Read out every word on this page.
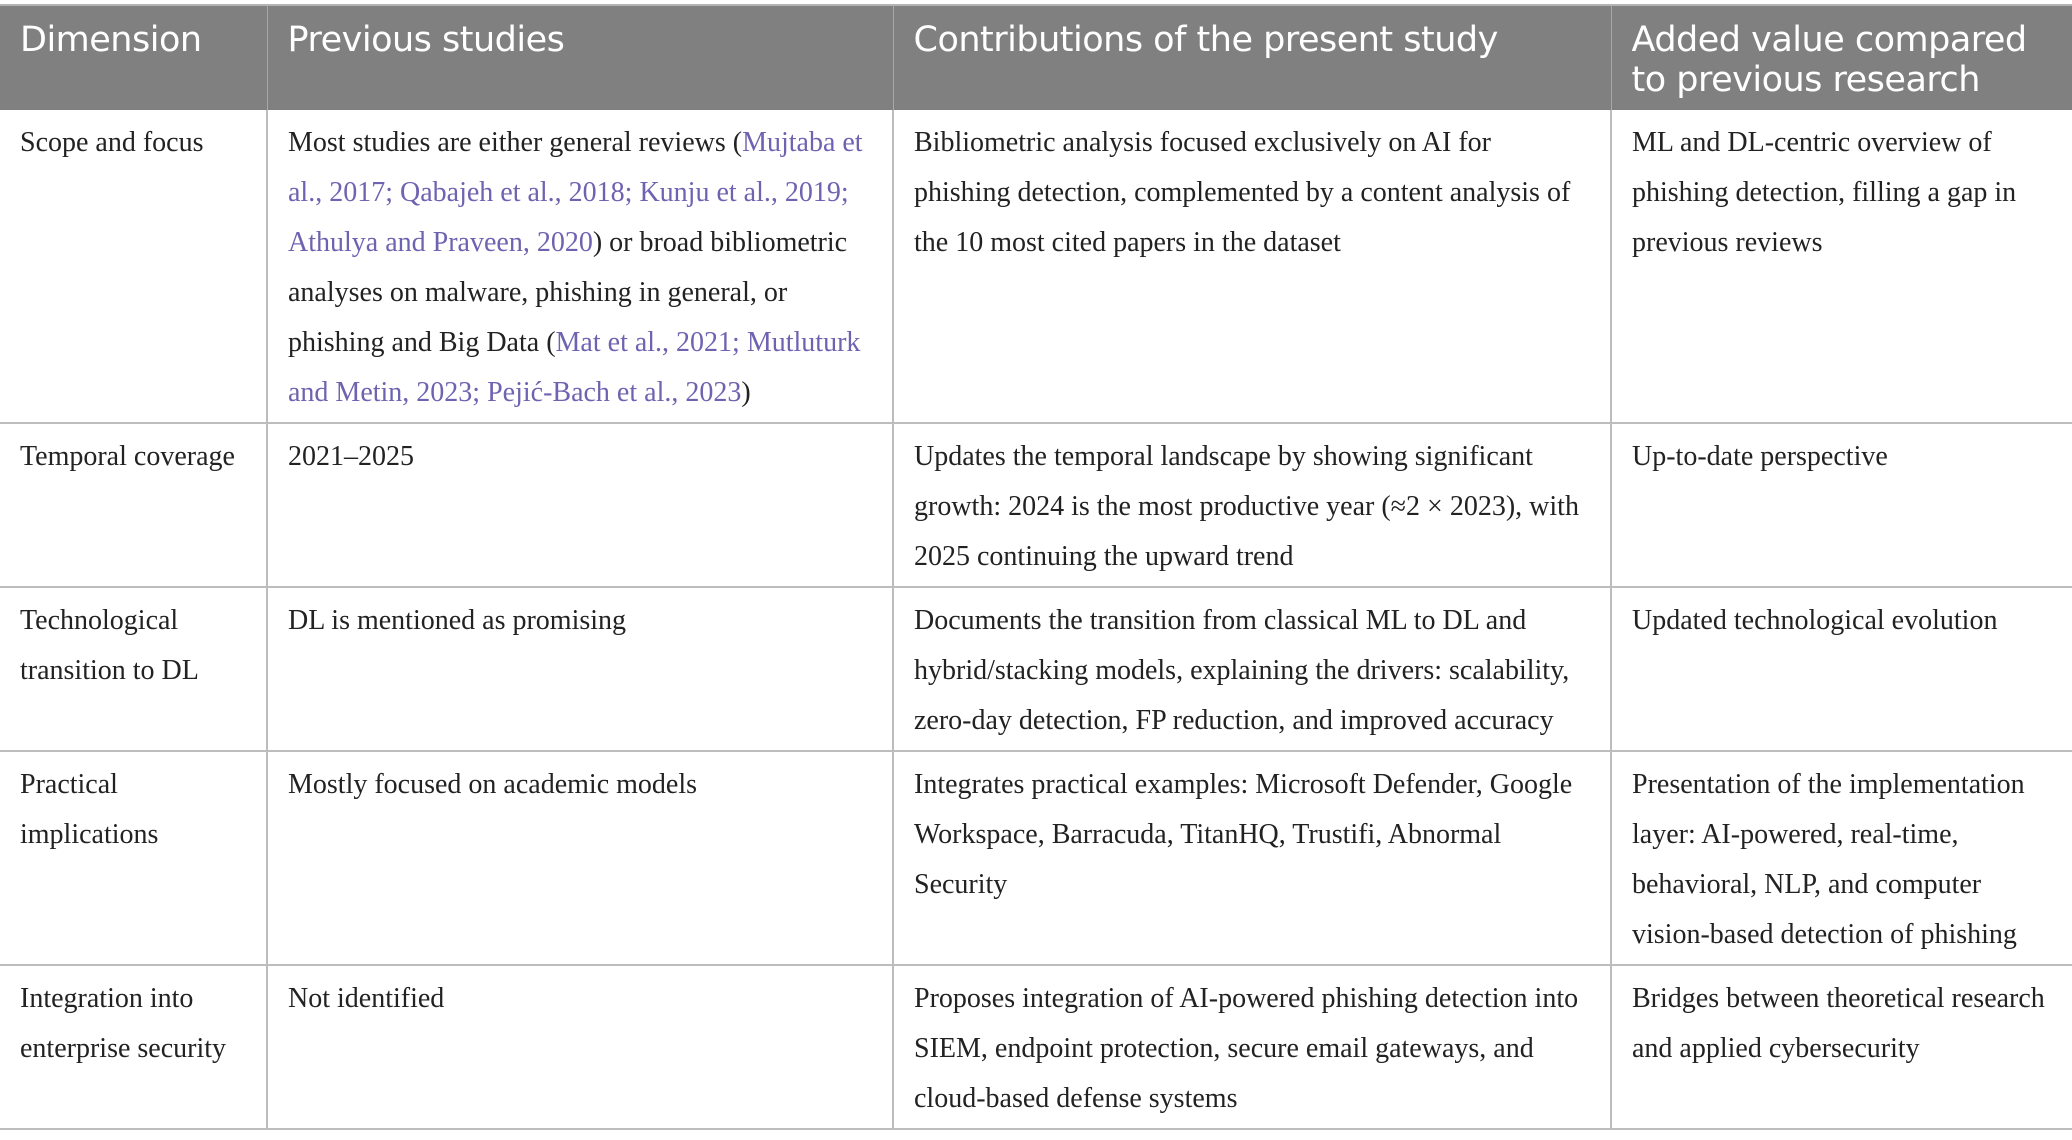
Dimension	Previous studies	Contributions of the present study	Added value compared to previous research
Scope and focus	Most studies are either general reviews (Mujtaba et al., 2017; Qabajeh et al., 2018; Kunju et al., 2019; Athulya and Praveen, 2020) or broad bibliometric analyses on malware, phishing in general, or phishing and Big Data (Mat et al., 2021; Mutluturk and Metin, 2023; Pejić-Bach et al., 2023)	Bibliometric analysis focused exclusively on AI for phishing detection, complemented by a content analysis of the 10 most cited papers in the dataset	ML and DL-centric overview of phishing detection, filling a gap in previous reviews
Temporal coverage	2021–2025	Updates the temporal landscape by showing significant growth: 2024 is the most productive year (≈2 × 2023), with 2025 continuing the upward trend	Up-to-date perspective
Technological transition to DL	DL is mentioned as promising	Documents the transition from classical ML to DL and hybrid/stacking models, explaining the drivers: scalability, zero-day detection, FP reduction, and improved accuracy	Updated technological evolution
Practical implications	Mostly focused on academic models	Integrates practical examples: Microsoft Defender, Google Workspace, Barracuda, TitanHQ, Trustifi, Abnormal Security	Presentation of the implementation layer: AI-powered, real-time, behavioral, NLP, and computer vision-based detection of phishing
Integration into enterprise security	Not identified	Proposes integration of AI-powered phishing detection into SIEM, endpoint protection, secure email gateways, and cloud-based defense systems	Bridges between theoretical research and applied cybersecurity
